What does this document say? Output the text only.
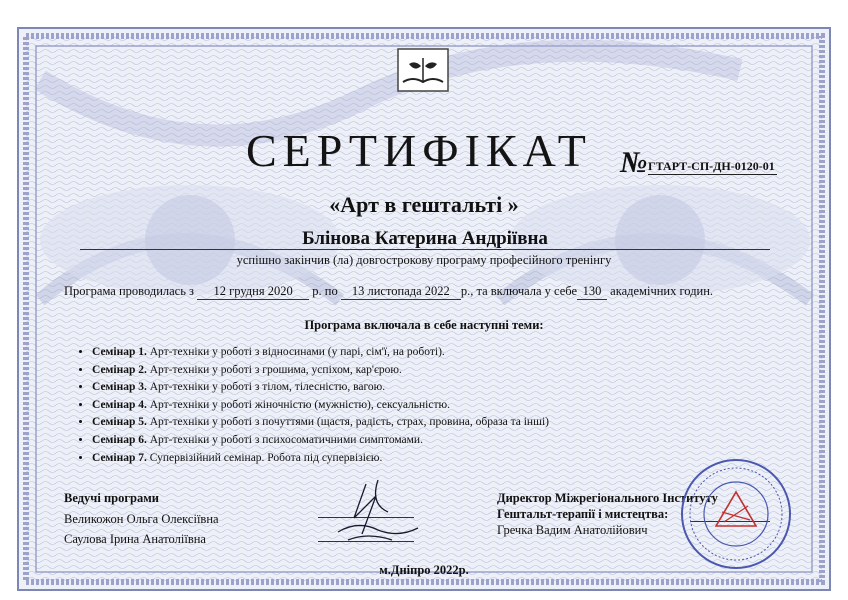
СЕРТИФІКАТ № ГТАРТ-СП-ДН-0120-01
«Арт в гештальті »
Блінова Катерина Андріївна
успішно закінчив (ла) довгострокову програму професійного тренінгу
Програма проводилась з 12 грудня 2020 р. по 13 листопада 2022 р., та включала у себе 130 академічних годин.
Програма включала в себе наступні теми:
• Семінар 1. Арт-техніки у роботі з відносинами (у парі, сім'ї, на роботі).
• Семінар 2. Арт-техніки у роботі з грошима, успіхом, кар'єрою.
• Семінар 3. Арт-техніки у роботі з тілом, тілесністю, вагою.
• Семінар 4. Арт-техніки у роботі жіночністю (мужністю), сексуальністю.
• Семінар 5. Арт-техніки у роботі з почуттями (щастя, радість, страх, провина, образа та інші)
• Семінар 6. Арт-техніки у роботі з психосоматичними симптомами.
• Семінар 7. Супервізійний семінар. Робота під супервізією.
Ведучі програми
Великожон Ольга Олексіївна
Саулова Ірина Анатоліївна
Директор Міжрегіонального Інституту
Гештальт-терапії і мистецтва:
Гречка Вадим Анатолійович
м.Дніпро 2022р.
